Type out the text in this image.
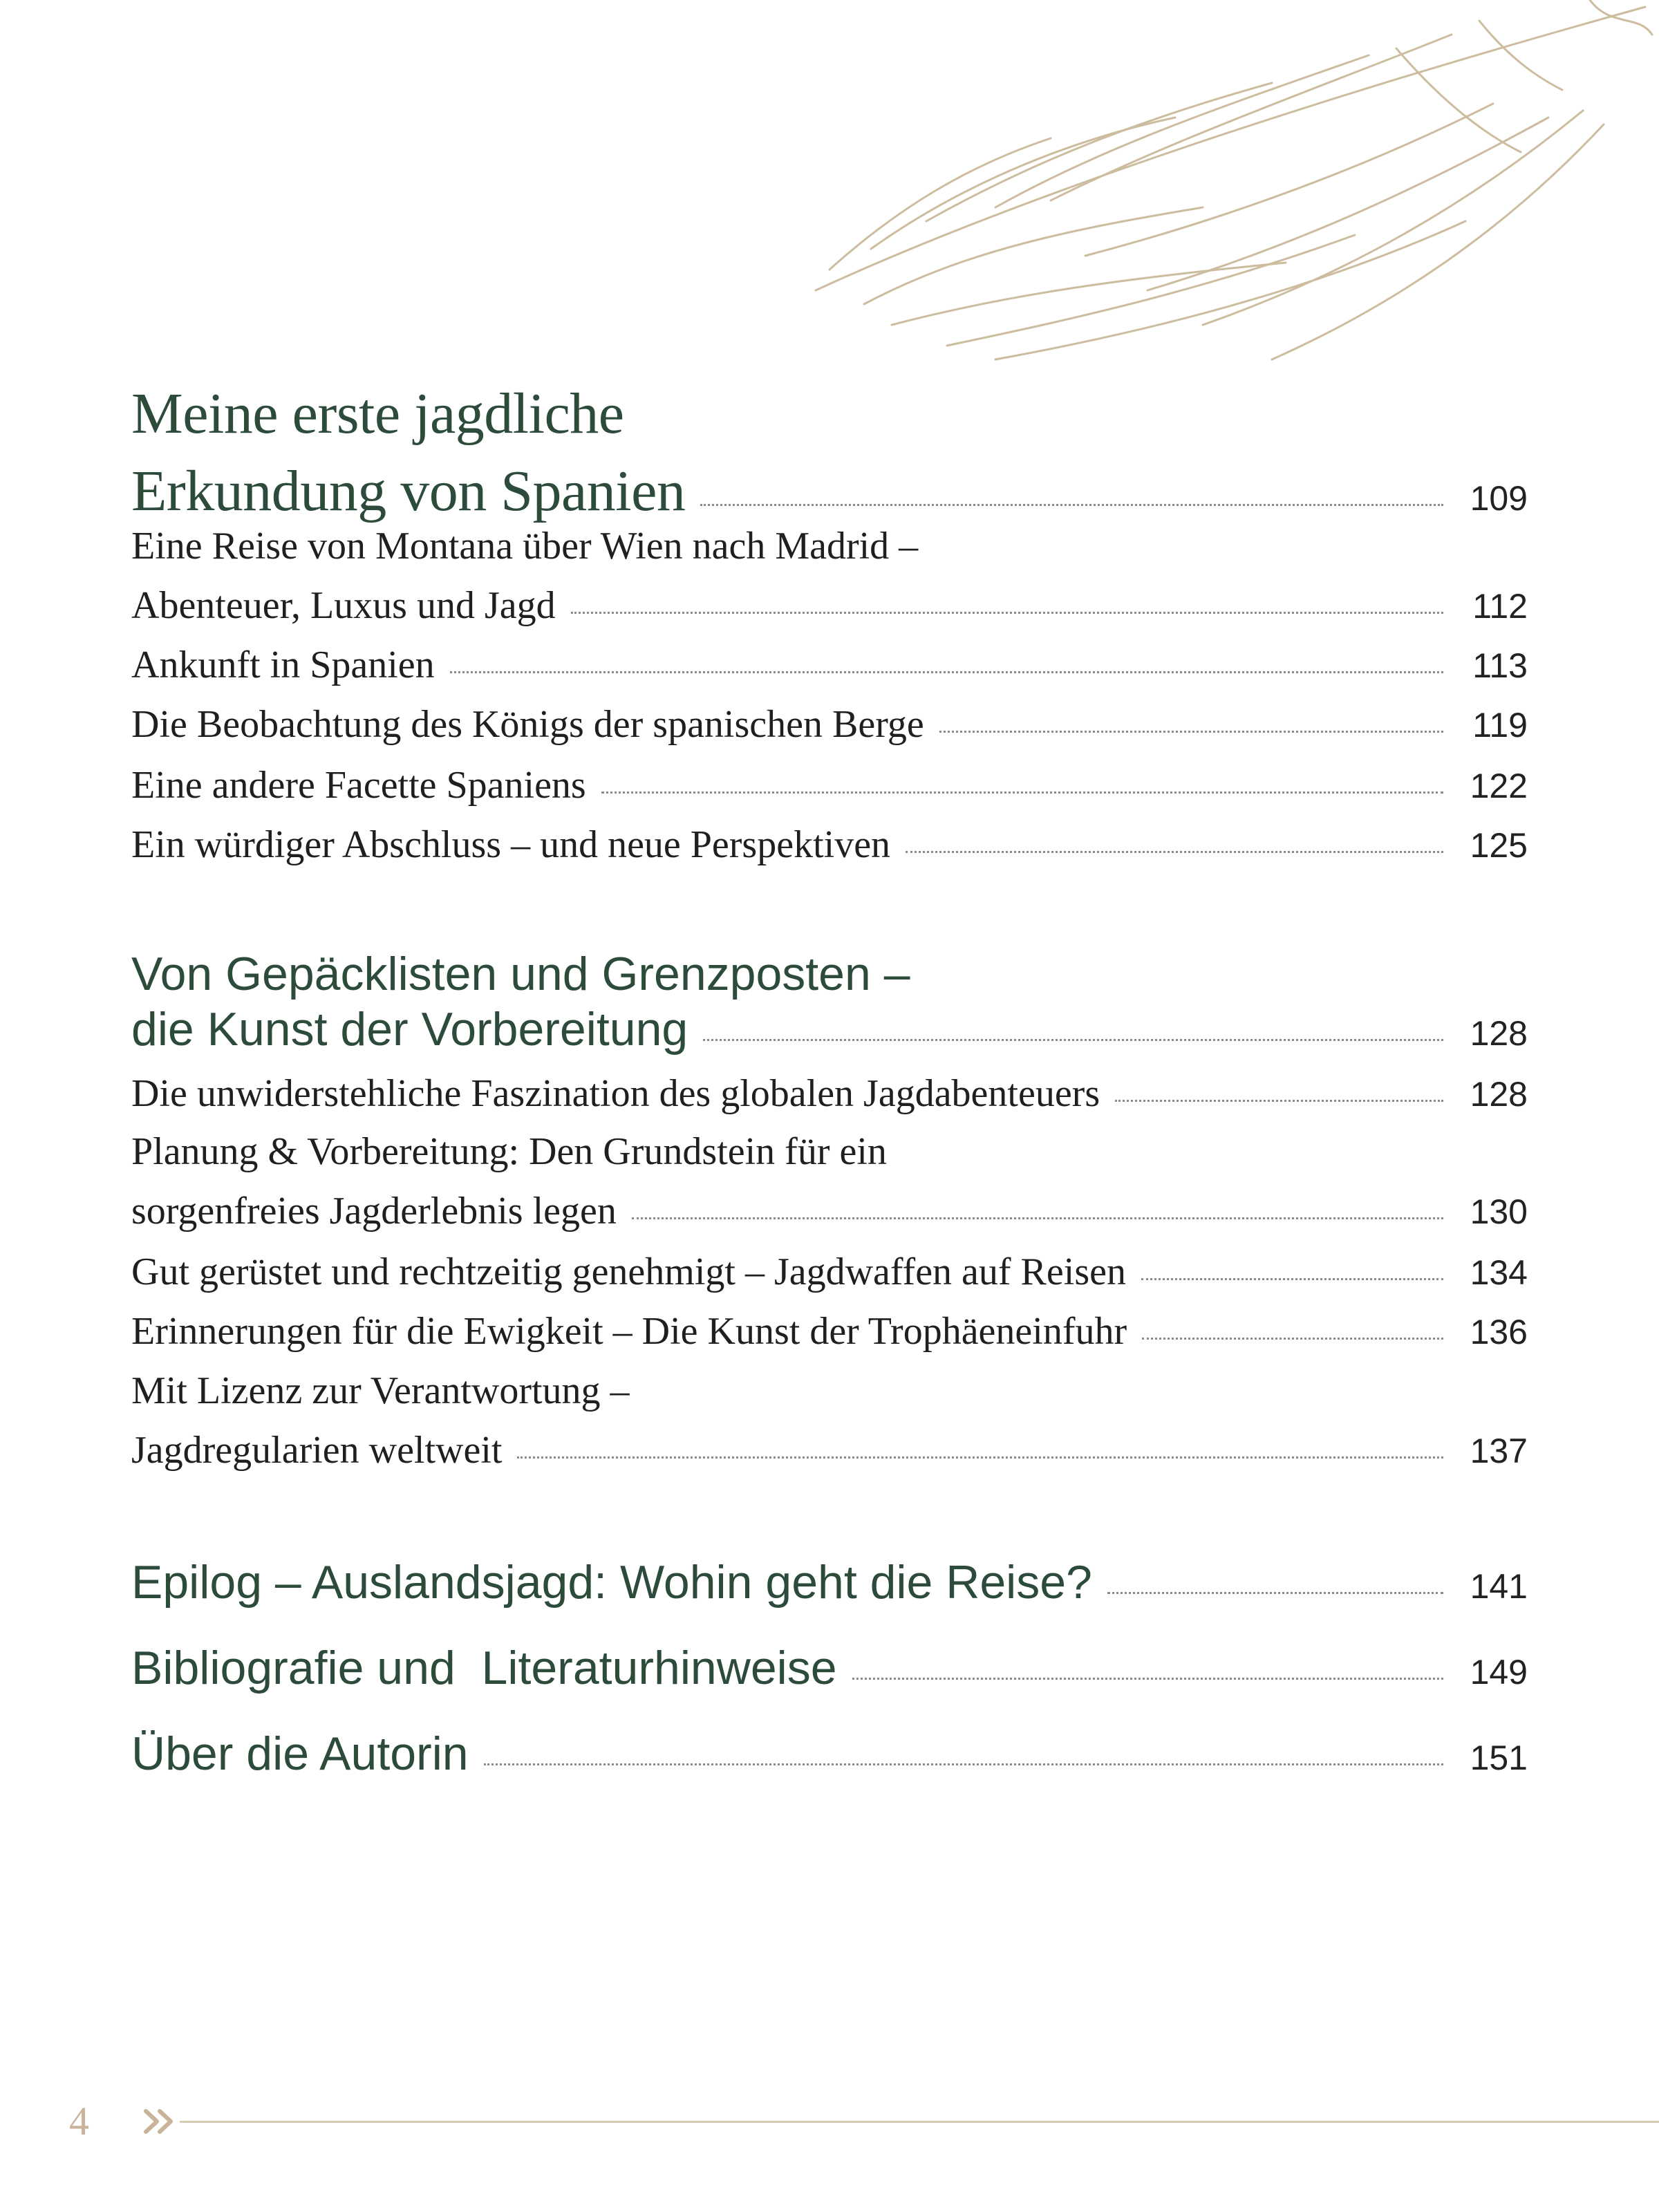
Meine erste jagdliche
Erkundung von Spanien	109
Eine Reise von Montana über Wien nach Madrid –
Abenteuer, Luxus und Jagd	112
Ankunft in Spanien	113
Die Beobachtung des Königs der spanischen Berge	119
Eine andere Facette Spaniens	122
Ein würdiger Abschluss – und neue Perspektiven	125
Von Gepäcklisten und Grenzposten –
die Kunst der Vorbereitung	128
Die unwiderstehliche Faszination des globalen Jagdabenteuers	128
Planung & Vorbereitung: Den Grundstein für ein
sorgenfreies Jagderlebnis legen	130
Gut gerüstet und rechtzeitig genehmigt – Jagdwaffen auf Reisen	134
Erinnerungen für die Ewigkeit – Die Kunst der Trophäeneinfuhr	136
Mit Lizenz zur Verantwortung –
Jagdregularien weltweit	137
Epilog – Auslandsjagd: Wohin geht die Reise?	141
Bibliografie und  Literaturhinweise	149
Über die Autorin	151
4
